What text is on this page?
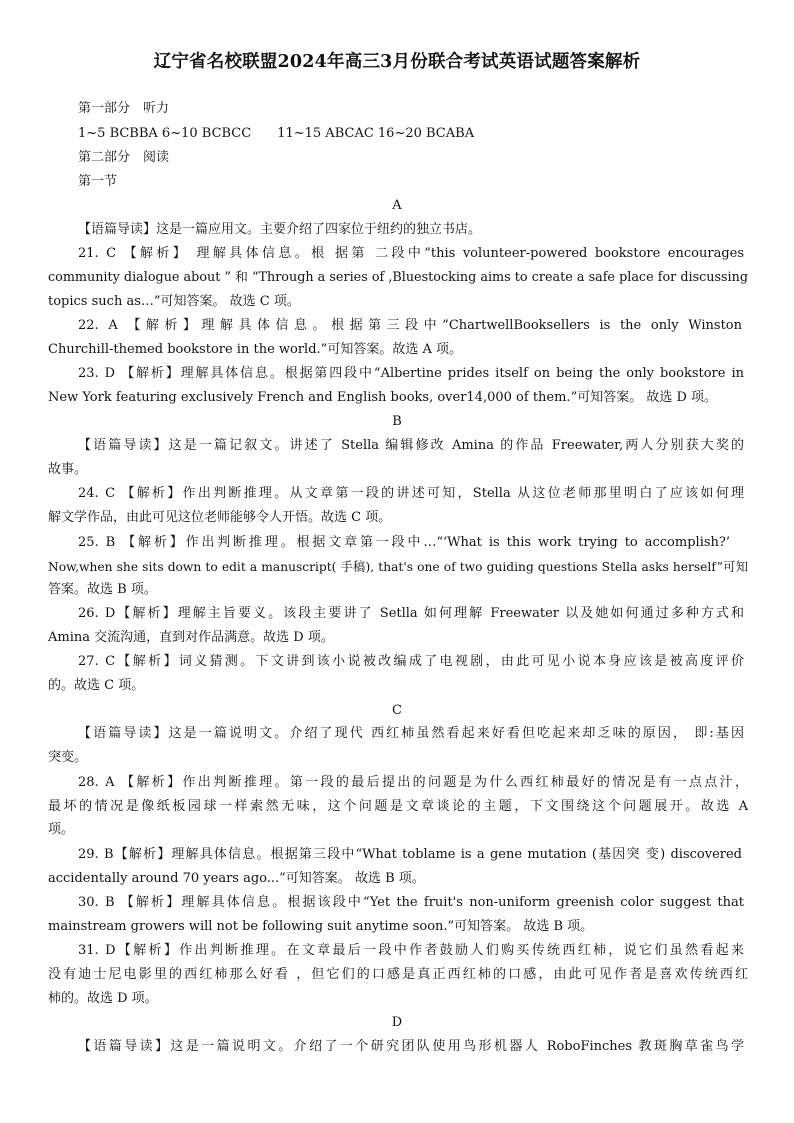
辽宁省名校联盟2024年高三3月份联合考试英语试题答案解析
第一部分　听力
1~5 BCBBA 6~10 BCBCC　　11~15 ABCAC 16~20 BCABA
第二部分　阅读
第一节
A
【语篇导读】这是一篇应用文。主要介绍了四家位于纽约的独立书店。
21. C 【解析】 理解具体信息。根 据第 二段中“this volunteer-powered bookstore encourages
community dialogue about ” 和 “Through a series of ,Bluestocking aims to create a safe place for discussing
topics such as…”可知答案。 故选 C 项。
22. A 【解析】理解具体信息。根据第三段中“ChartwellBooksellers is the only Winston
Churchill-themed bookstore in the world.”可知答案。故选 A 项。
23. D 【解析】理解具体信息。根据第四段中“Albertine prides itself on being the only bookstore in
New York featuring exclusively French and English books, over14,000 of them.”可知答案。 故选 D 项。
B
【语篇导读】这是一篇记叙文。讲述了 Stella 编辑修改 Amina 的作品 Freewater,两人分别获大奖的
故事。
24. C 【解析】作出判断推理。从文章第一段的讲述可知，Stella 从这位老师那里明白了应该如何理
解文学作品，由此可见这位老师能够令人开悟。故选 C 项。
25. B 【解析】作出判断推理。根据文章第一段中…“‘What is this work trying to accomplish?’
Now,when she sits down to edit a manuscript( 手稿), that's one of two guiding questions Stella asks herself”可知
答案。故选 B 项。
26. D【解析】理解主旨要义。该段主要讲了 Setlla 如何理解 Freewater 以及她如何通过多种方式和
Amina 交流沟通，直到对作品满意。故选 D 项。
27. C【解析】词义猜测。下文讲到该小说被改编成了电视剧，由此可见小说本身应该是被高度评价
的。故选 C 项。
C
【语篇导读】这是一篇说明文。介绍了现代 西红柿虽然看起来好看但吃起来却乏味的原因， 即:基因
突变。
28. A 【解析】作出判断推理。第一段的最后提出的问题是为什么西红柿最好的情况是有一点点汁，
最坏的情况是像纸板园球一样索然无味，这个问题是文章谈论的主题，下文围绕这个问题展开。故选 A
项。
29. B【解析】理解具体信息。根据第三段中“What toblame is a gene mutation (基因突 变) discovered
accidentally around 70 years ago...”可知答案。 故选 B 项。
30. B 【解析】理解具体信息。根据该段中“Yet the fruit's non-uniform greenish color suggest that
mainstream growers will not be following suit anytime soon.”可知答案。 故选 B 项。
31. D【解析】作出判断推理。在文章最后一段中作者鼓励人们购买传统西红柿，说它们虽然看起来
没有迪士尼电影里的西红柿那么好看 ，但它们的口感是真正西红柿的口感，由此可见作者是喜欢传统西红
柿的。故选 D 项。
D
【语篇导读】这是一篇说明文。介绍了一个研究团队使用鸟形机器人 RoboFinches 教斑胸草雀鸟学
